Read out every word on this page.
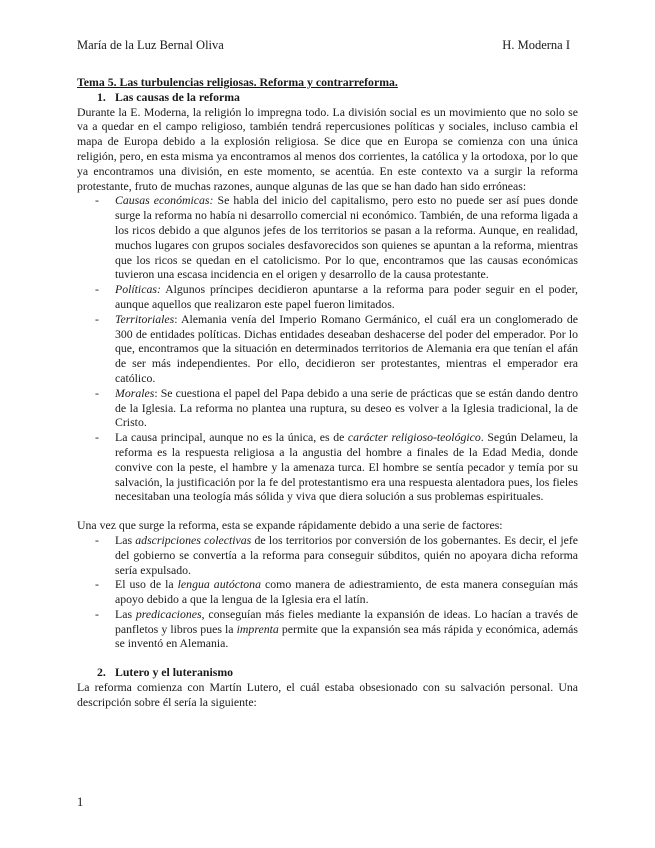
María de la Luz Bernal Oliva	H. Moderna I

Tema 5. Las turbulencias religiosas. Reforma y contrarreforma.

1. Las causas de la reforma

Durante la E. Moderna, la religión lo impregna todo. La división social es un movimiento que no solo se va a quedar en el campo religioso, también tendrá repercusiones políticas y sociales, incluso cambia el mapa de Europa debido a la explosión religiosa. Se dice que en Europa se comienza con una única religión, pero, en esta misma ya encontramos al menos dos corrientes, la católica y la ortodoxa, por lo que ya encontramos una división, en este momento, se acentúa. En este contexto va a surgir la reforma protestante, fruto de muchas razones, aunque algunas de las que se han dado han sido erróneas:

- Causas económicas: Se habla del inicio del capitalismo, pero esto no puede ser así pues donde surge la reforma no había ni desarrollo comercial ni económico. También, de una reforma ligada a los ricos debido a que algunos jefes de los territorios se pasan a la reforma. Aunque, en realidad, muchos lugares con grupos sociales desfavorecidos son quienes se apuntan a la reforma, mientras que los ricos se quedan en el catolicismo. Por lo que, encontramos que las causas económicas tuvieron una escasa incidencia en el origen y desarrollo de la causa protestante.
- Políticas: Algunos príncipes decidieron apuntarse a la reforma para poder seguir en el poder, aunque aquellos que realizaron este papel fueron limitados.
- Territoriales: Alemania venía del Imperio Romano Germánico, el cuál era un conglomerado de 300 de entidades políticas. Dichas entidades deseaban deshacerse del poder del emperador. Por lo que, encontramos que la situación en determinados territorios de Alemania era que tenían el afán de ser más independientes. Por ello, decidieron ser protestantes, mientras el emperador era católico.
- Morales: Se cuestiona el papel del Papa debido a una serie de prácticas que se están dando dentro de la Iglesia. La reforma no plantea una ruptura, su deseo es volver a la Iglesia tradicional, la de Cristo.
- La causa principal, aunque no es la única, es de carácter religioso-teológico. Según Delameu, la reforma es la respuesta religiosa a la angustia del hombre a finales de la Edad Media, donde convive con la peste, el hambre y la amenaza turca. El hombre se sentía pecador y temía por su salvación, la justificación por la fe del protestantismo era una respuesta alentadora pues, los fieles necesitaban una teología más sólida y viva que diera solución a sus problemas espirituales.

Una vez que surge la reforma, esta se expande rápidamente debido a una serie de factores:

- Las adscripciones colectivas de los territorios por conversión de los gobernantes. Es decir, el jefe del gobierno se convertía a la reforma para conseguir súbditos, quién no apoyara dicha reforma sería expulsado.
- El uso de la lengua autóctona como manera de adiestramiento, de esta manera conseguían más apoyo debido a que la lengua de la Iglesia era el latín.
- Las predicaciones, conseguían más fieles mediante la expansión de ideas. Lo hacían a través de panfletos y libros pues la imprenta permite que la expansión sea más rápida y económica, además se inventó en Alemania.
2. Lutero y el luteranismo

La reforma comienza con Martín Lutero, el cuál estaba obsesionado con su salvación personal. Una descripción sobre él sería la siguiente:

1
